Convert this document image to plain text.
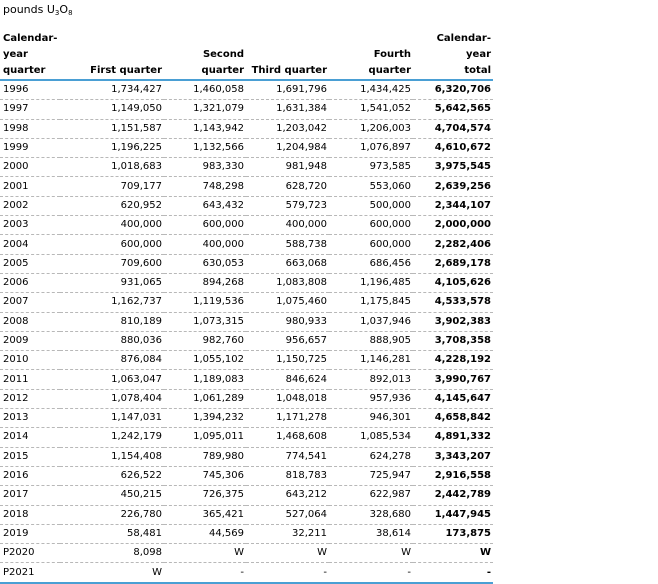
pounds $U_3O_8$
Calendar-year
quarter	First quarter	Second quarter	Third quarter	Fourth quarter	Calendar-year
total
1996	1,734,427	1,460,058	1,691,796	1,434,425	6,320,706
1997	1,149,050	1,321,079	1,631,384	1,541,052	5,642,565
1998	1,151,587	1,143,942	1,203,042	1,206,003	4,704,574
1999	1,196,225	1,132,566	1,204,984	1,076,897	4,610,672
2000	1,018,683	983,330	981,948	973,585	3,975,545
2001	709,177	748,298	628,720	553,060	2,639,256
2002	620,952	643,432	579,723	500,000	2,344,107
2003	400,000	600,000	400,000	600,000	2,000,000
2004	600,000	400,000	588,738	600,000	2,282,406
2005	709,600	630,053	663,068	686,456	2,689,178
2006	931,065	894,268	1,083,808	1,196,485	4,105,626
2007	1,162,737	1,119,536	1,075,460	1,175,845	4,533,578
2008	810,189	1,073,315	980,933	1,037,946	3,902,383
2009	880,036	982,760	956,657	888,905	3,708,358
2010	876,084	1,055,102	1,150,725	1,146,281	4,228,192
2011	1,063,047	1,189,083	846,624	892,013	3,990,767
2012	1,078,404	1,061,289	1,048,018	957,936	4,145,647
2013	1,147,031	1,394,232	1,171,278	946,301	4,658,842
2014	1,242,179	1,095,011	1,468,608	1,085,534	4,891,332
2015	1,154,408	789,980	774,541	624,278	3,343,207
2016	626,522	745,306	818,783	725,947	2,916,558
2017	450,215	726,375	643,212	622,987	2,442,789
2018	226,780	365,421	527,064	328,680	1,447,945
2019	58,481	44,569	32,211	38,614	173,875
P2020	8,098	W	W	W	W
P2021	W	-	-	-	-
